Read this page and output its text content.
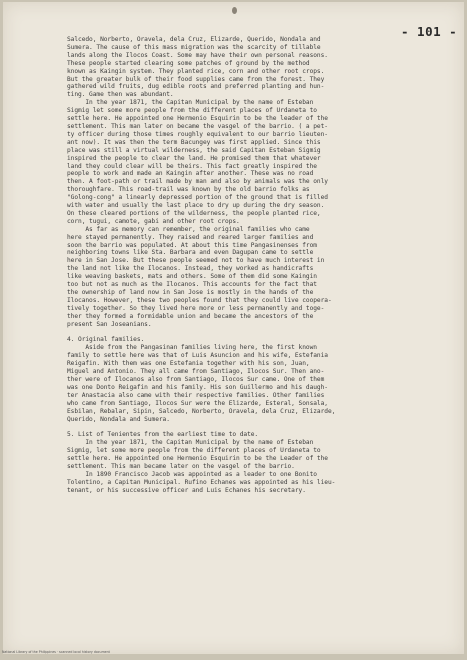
- 101 -
Salcedo, Norberto, Oravela, dela Cruz, Elizarde, Querido, Nondala and
Sumera. The cause of this mass migration was the scarcity of tillable
lands along the Ilocos Coast. Some may have their own personal reasons.
These people started clearing some patches of ground by the method
known as Kaingin system. They planted rice, corn and other root crops.
But the greater bulk of their food supplies came from the forest. They
gathered wild fruits, dug edible roots and preferred planting and hun-
ting. Game then was abundant.
In the year 1871, the Capitan Municipal by the name of Esteban
Sigmig let some more people from the different places of Urdaneta to
settle here. He appointed one Hermenio Esquirin to be the leader of the
settlement. This man later on became the vasgel of the barrio. ( a pet-
ty officer during those times roughly equivalent to our barrio lieuten-
ant now). It was then the term Bacungey was first applied. Since this
place was still a virtual wilderness, the said Capitan Esteban Sigmig
inspired the people to clear the land. He promised them that whatever
land they could clear will be theirs. This fact greatly inspired the
people to work and made an Kaingin after another. These was no road
then. A foot-path or trail made by man and also by animals was the only
thoroughfare. This road-trail was known by the old barrio folks as
"Golong-cong" a linearly depressed portion of the ground that is filled
with water and usually the last place to dry up during the dry season.
On these cleared portions of the wilderness, the people planted rice,
corn, tugui, camote, gabi and other root crops.
As far as memory can remember, the original families who came
here stayed permanently. They raised and reared larger families and
soon the barrio was populated. At about this time Pangasinenses from
neighboring towns like Sta. Barbara and even Dagupan came to settle
here in San Jose. But these people seemed not to have much interest in
the land not like the Ilocanos. Instead, they worked as handicrafts
like weaving baskets, mats and others. Some of them did some Kaingin
too but not as much as the Ilocanos. This accounts for the fact that
the ownership of land now in San Jose is mostly in the hands of the
Ilocanos. However, these two peoples found that they could live coopera-
tively together. So they lived here more or less permanently and toge-
ther they formed a formidable union and became the ancestors of the
present San Joseanians.

4. Original families.
Aside from the Pangasinan families living here, the first known
family to settle here was that of Luis Asuncion and his wife, Estefania
Reigafin. With them was one Estefania together with his son, Juan,
Miguel and Antonio. They all came from Santiago, Ilocos Sur. Then ano-
ther were of Ilocanos also from Santiago, Ilocos Sur came. One of them
was one Donto Reigafin and his family. His son Guillermo and his daugh-
ter Anastacia also came with their respective families. Other families
who came from Santiago, Ilocos Sur were the Elizarde, Esteral, Sonsala,
Esbilan, Rebalar, Sipin, Salcedo, Norberto, Oravela, dela Cruz, Elizarde,
Querido, Nondala and Sumera.

5. List of Tenientes from the earliest time to date.
In the year 1871, the Capitan Municipal by the name of Esteban
Sigmig, let some more people from the different places of Urdaneta to
settle here. He appointed one Hermenio Esquirin to be the Leader of the
settlement. This man became later on the vasgel of the barrio.
In 1890 Francisco Jacob was appointed as a leader to one Bonito
Tolentino, a Capitan Municipal. Rufino Echanes was appointed as his lieu-
tenant, or his successive officer and Luis Echanes his secretary.
National Library of the Philippines · scanned local history document
